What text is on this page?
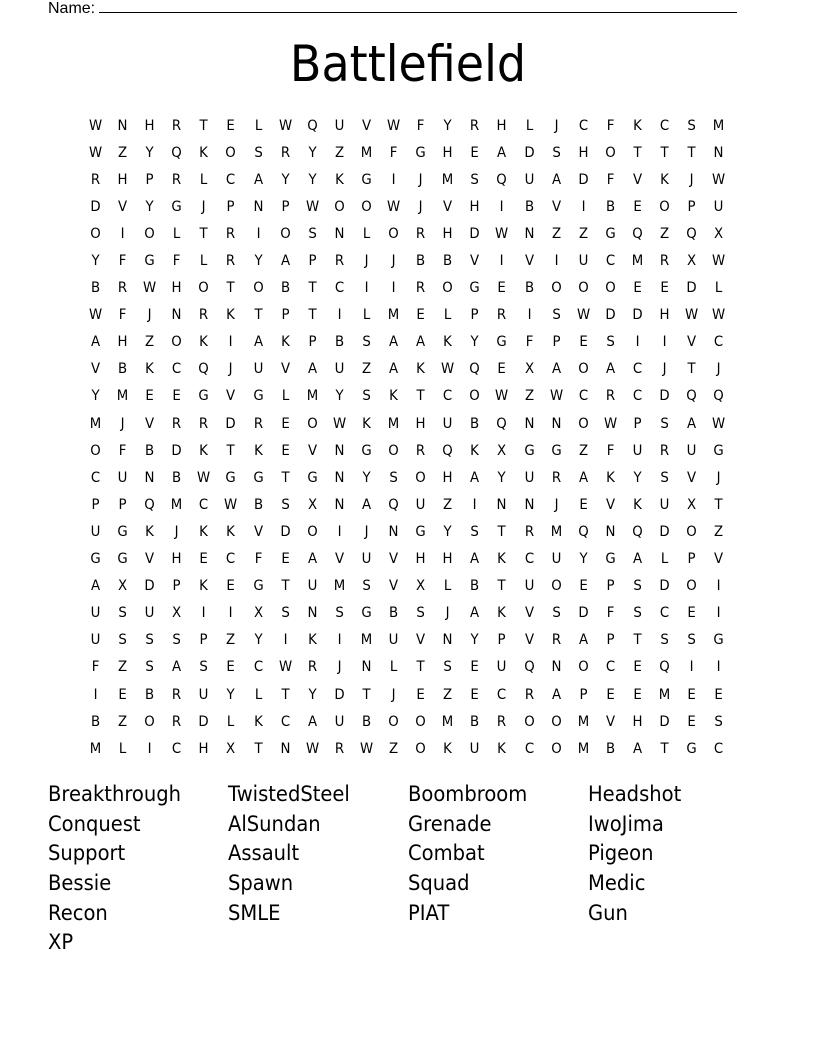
Name:
Battlefield
W	N	H	R	T	E	L	W	Q	U	V	W	F	Y	R	H	L	J	C	F	K	C	S	M
W	Z	Y	Q	K	O	S	R	Y	Z	M	F	G	H	E	A	D	S	H	O	T	T	T	N
R	H	P	R	L	C	A	Y	Y	K	G	I	J	M	S	Q	U	A	D	F	V	K	J	W
D	V	Y	G	J	P	N	P	W	O	O	W	J	V	H	I	B	V	I	B	E	O	P	U
O	I	O	L	T	R	I	O	S	N	L	O	R	H	D	W	N	Z	Z	G	Q	Z	Q	X
Y	F	G	F	L	R	Y	A	P	R	J	J	B	B	V	I	V	I	U	C	M	R	X	W
B	R	W	H	O	T	O	B	T	C	I	I	R	O	G	E	B	O	O	O	E	E	D	L
W	F	J	N	R	K	T	P	T	I	L	M	E	L	P	R	I	S	W	D	D	H	W W
A	H	Z	O	K	I	A	K	P	B	S	A	A	K	Y	G	F	P	E	S	I	I	V	C
V	B	K	C	Q	J	U	V	A	U	Z	A	K	W	Q	E	X	A	O	A	C	J	T	J
Y	M	E	E	G	V	G	L	M	Y	S	K	T	C	O	W	Z	W	C	R	C	D	Q	Q
M	J	V	R	R	D	R	E	O	W	K	M	H	U	B	Q	N	N	O	W	P	S	A	W
O	F	B	D	K	T	K	E	V	N	G	O	R	Q	K	X	G	G	Z	F	U	R	U	G
C	U	N	B	W	G	G	T	G	N	Y	S	O	H	A	Y	U	R	A	K	Y	S	V	J
P	P	Q	M	C	W	B	S	X	N	A	Q	U	Z	I	N	N	J	E	V	K	U	X	T
U	G	K	J	K	K	V	D	O	I	J	N	G	Y	S	T	R	M	Q	N	Q	D	O	Z
G	G	V	H	E	C	F	E	A	V	U	V	H	H	A	K	C	U	Y	G	A	L	P	V
A	X	D	P	K	E	G	T	U	M	S	V	X	L	B	T	U	O	E	P	S	D	O	I
U	S	U	X	I	I	X	S	N	S	G	B	S	J	A	K	V	S	D	F	S	C	E	I
U	S	S	S	P	Z	Y	I	K	I	M	U	V	N	Y	P	V	R	A	P	T	S	S	G
F	Z	S	A	S	E	C	W	R	J	N	L	T	S	E	U	Q	N	O	C	E	Q	I	I
I	E	B	R	U	Y	L	T	Y	D	T	J	E	Z	E	C	R	A	P	E	E	M	E	E
B	Z	O	R	D	L	K	C	A	U	B	O	O	M	B	R	O	O	M	V	H	D	E	S
M	L	I	C	H	X	T	N	W	R	W	Z	O	K	U	K	C	O	M	B	A	T	G	C
Breakthrough	TwistedSteel	Boombroom	Headshot
Conquest	AlSundan	Grenade	IwoJima
Support	Assault	Combat	Pigeon
Bessie	Spawn	Squad	Medic
Recon	SMLE	PIAT	Gun
XP
